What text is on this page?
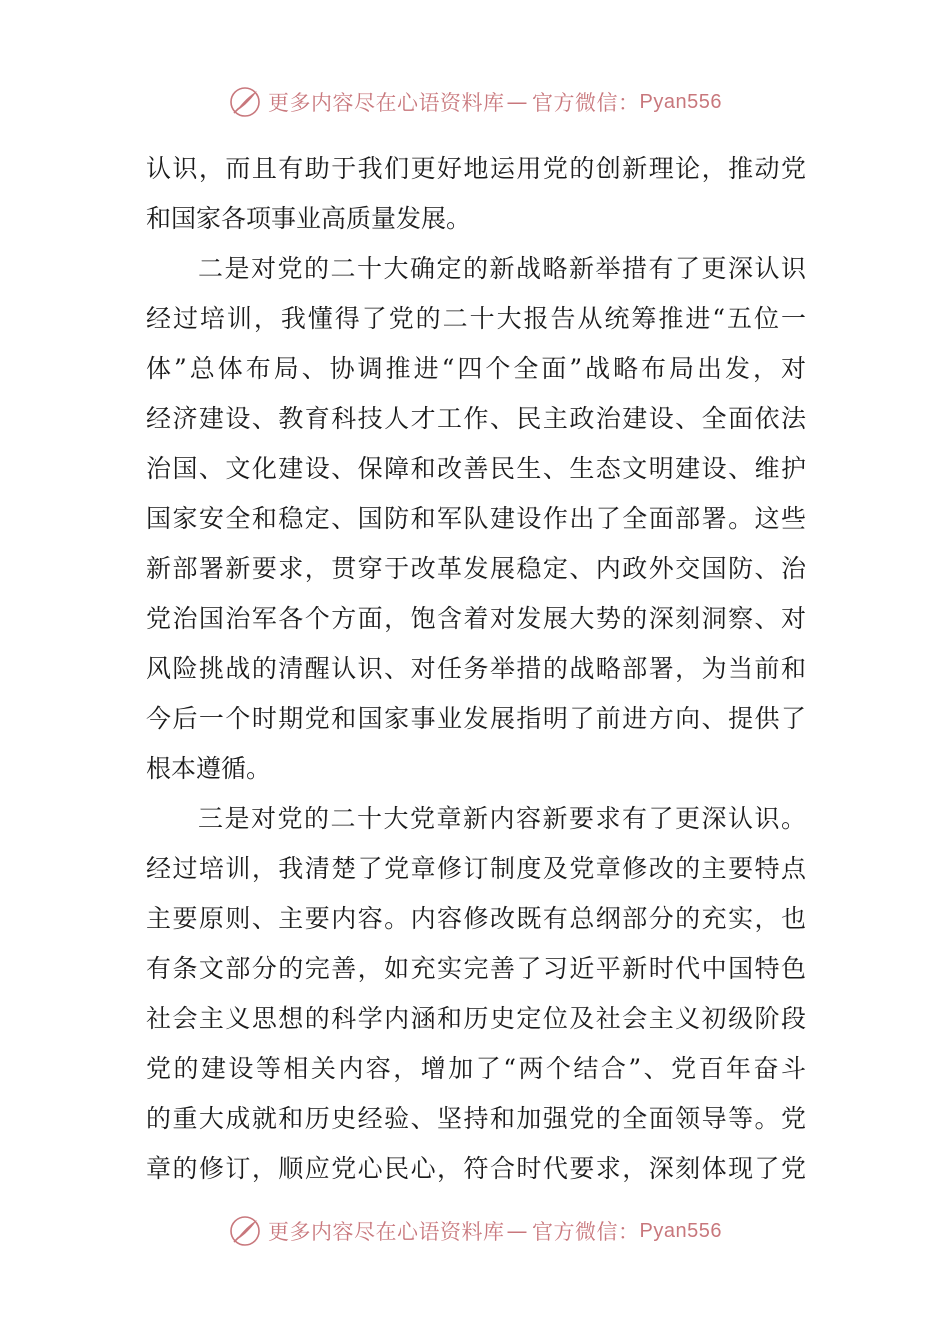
更多内容尽在心语资料库 — 官方微信： Pyan556
认识，而且有助于我们更好地运用党的创新理论，推动党
和国家各项事业高质量发展。
二是对党的二十大确定的新战略新举措有了更深认识
经过培训，我懂得了党的二十大报告从统筹推进“五位一
体”总体布局、协调推进“四个全面”战略布局出发，对
经济建设、教育科技人才工作、民主政治建设、全面依法
治国、文化建设、保障和改善民生、生态文明建设、维护
国家安全和稳定、国防和军队建设作出了全面部署。这些
新部署新要求，贯穿于改革发展稳定、内政外交国防、治
党治国治军各个方面，饱含着对发展大势的深刻洞察、对
风险挑战的清醒认识、对任务举措的战略部署，为当前和
今后一个时期党和国家事业发展指明了前进方向、提供了
根本遵循。
三是对党的二十大党章新内容新要求有了更深认识。
经过培训，我清楚了党章修订制度及党章修改的主要特点
主要原则、主要内容。内容修改既有总纲部分的充实，也
有条文部分的完善，如充实完善了习近平新时代中国特色
社会主义思想的科学内涵和历史定位及社会主义初级阶段
党的建设等相关内容，增加了“两个结合”、党百年奋斗
的重大成就和历史经验、坚持和加强党的全面领导等。党
章的修订，顺应党心民心，符合时代要求，深刻体现了党
更多内容尽在心语资料库 — 官方微信： Pyan556
